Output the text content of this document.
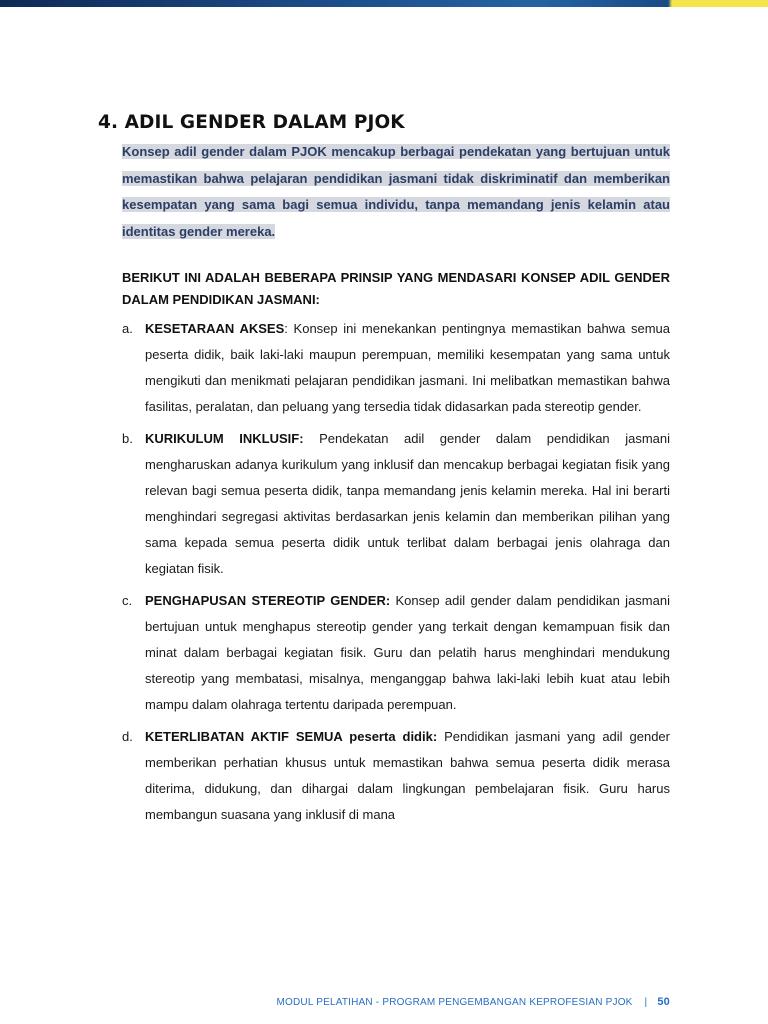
4. ADIL GENDER DALAM PJOK
Konsep adil gender dalam PJOK mencakup berbagai pendekatan yang bertujuan untuk memastikan bahwa pelajaran pendidikan jasmani tidak diskriminatif dan memberikan kesempatan yang sama bagi semua individu, tanpa memandang jenis kelamin atau identitas gender mereka.
BERIKUT INI ADALAH BEBERAPA PRINSIP YANG MENDASARI KONSEP ADIL GENDER DALAM PENDIDIKAN JASMANI:
a. KESETARAAN AKSES: Konsep ini menekankan pentingnya memastikan bahwa semua peserta didik, baik laki-laki maupun perempuan, memiliki kesempatan yang sama untuk mengikuti dan menikmati pelajaran pendidikan jasmani. Ini melibatkan memastikan bahwa fasilitas, peralatan, dan peluang yang tersedia tidak didasarkan pada stereotip gender.
b. KURIKULUM INKLUSIF: Pendekatan adil gender dalam pendidikan jasmani mengharuskan adanya kurikulum yang inklusif dan mencakup berbagai kegiatan fisik yang relevan bagi semua peserta didik, tanpa memandang jenis kelamin mereka. Hal ini berarti menghindari segregasi aktivitas berdasarkan jenis kelamin dan memberikan pilihan yang sama kepada semua peserta didik untuk terlibat dalam berbagai jenis olahraga dan kegiatan fisik.
c. PENGHAPUSAN STEREOTIP GENDER: Konsep adil gender dalam pendidikan jasmani bertujuan untuk menghapus stereotip gender yang terkait dengan kemampuan fisik dan minat dalam berbagai kegiatan fisik. Guru dan pelatih harus menghindari mendukung stereotip yang membatasi, misalnya, menganggap bahwa laki-laki lebih kuat atau lebih mampu dalam olahraga tertentu daripada perempuan.
d. KETERLIBATAN AKTIF SEMUA peserta didik: Pendidikan jasmani yang adil gender memberikan perhatian khusus untuk memastikan bahwa semua peserta didik merasa diterima, didukung, dan dihargai dalam lingkungan pembelajaran fisik. Guru harus membangun suasana yang inklusif di mana
MODUL PELATIHAN - PROGRAM PENGEMBANGAN KEPROFESIAN PJOK | 50
